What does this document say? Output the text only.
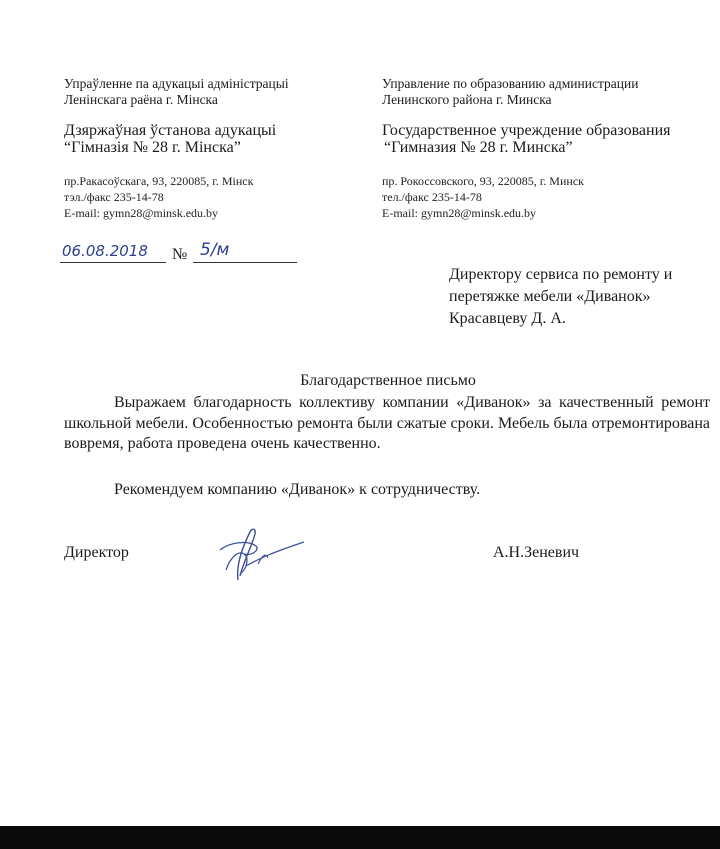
Упраўленне па адукацыі адміністрацыі
Ленінскага раёна г. Мінска
Дзяржаўная ўстанова адукацыі
“Гімназія № 28 г. Мінска”
пр.Ракасоўскага, 93, 220085, г. Мінск
тэл./факс 235-14-78
E-mail: gymn28@minsk.edu.by
Управление по образованию администрации
Ленинского района г. Минска
Государственное учреждение образования
“Гимназия № 28 г. Минска”
пр. Рокоссовского, 93, 220085, г. Минск
тел./факс 235-14-78
E-mail: gymn28@minsk.edu.by
06.08.2018 № 5/м
Директору сервиса по ремонту и
перетяжке мебели «Диванок»
Красавцеву Д. А.
Благодарственное письмо
Выражаем благодарность коллективу компании «Диванок» за качественный ремонт школьной мебели. Особенностью ремонта были сжатые сроки. Мебель была отремонтирована вовремя, работа проведена очень качественно.
Рекомендуем компанию «Диванок» к сотрудничеству.
Директор	А.Н.Зеневич
